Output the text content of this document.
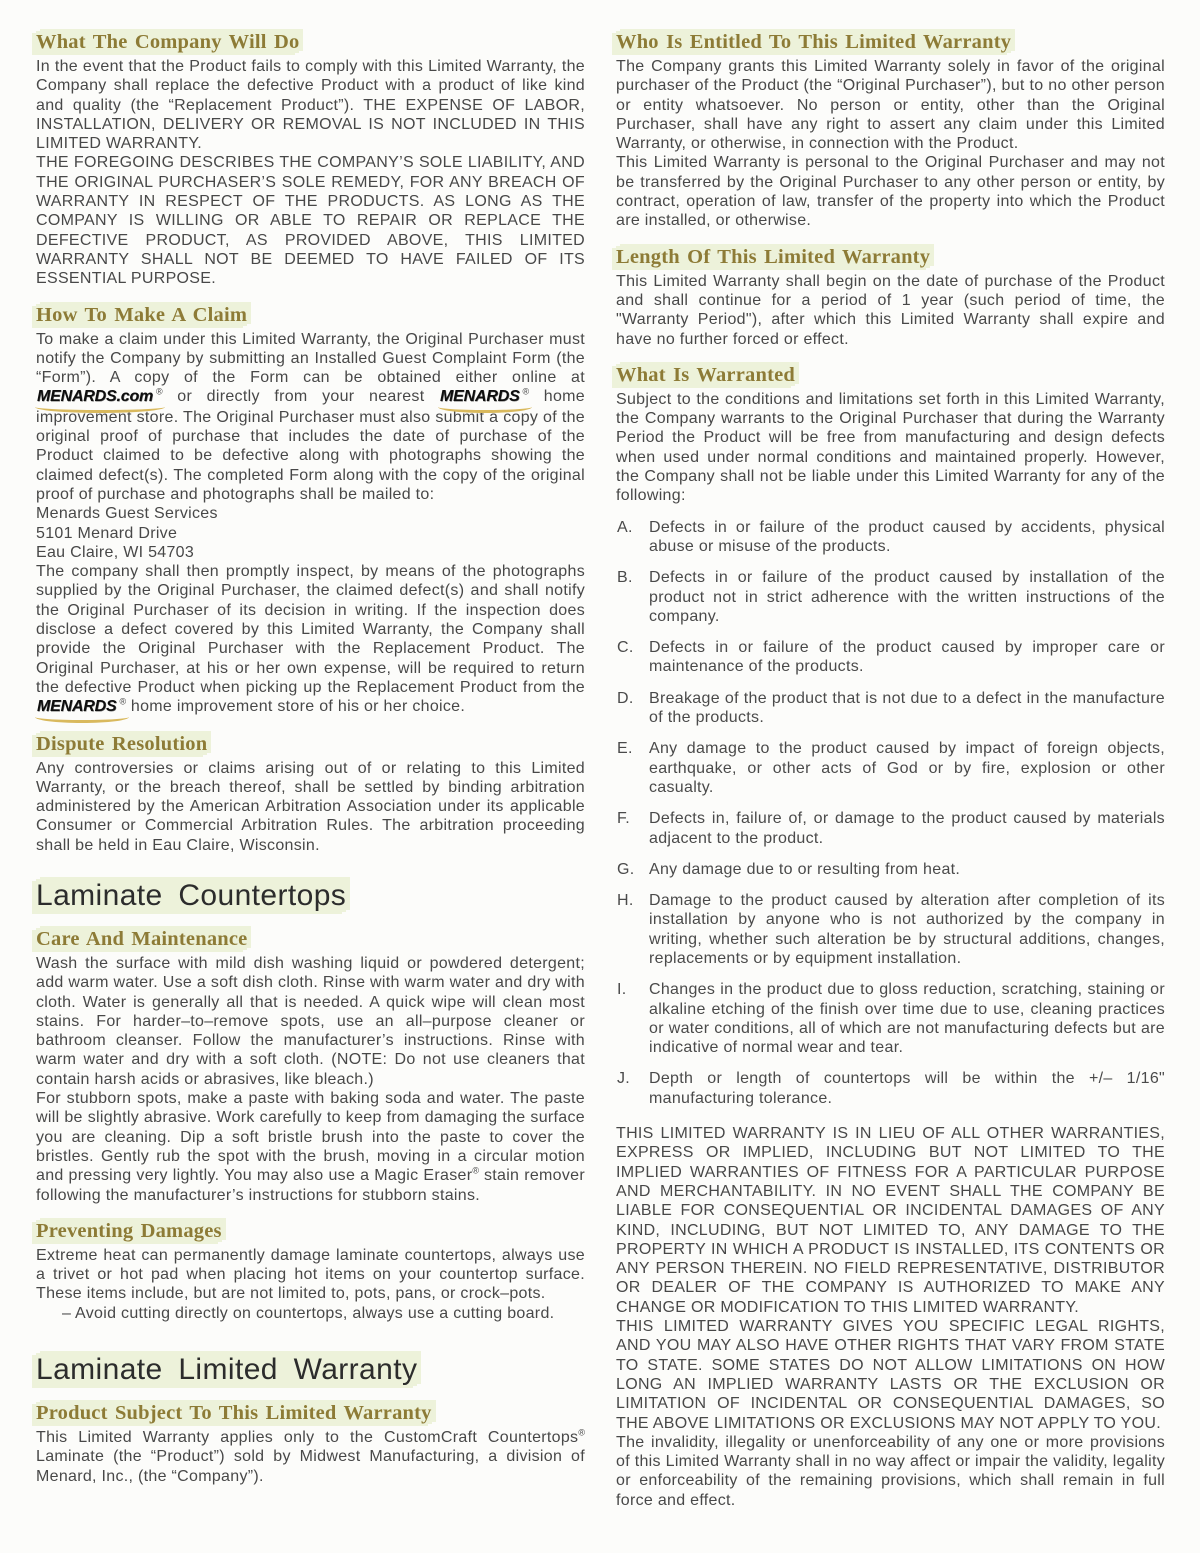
What The Company Will Do

In the event that the Product fails to comply with this Limited Warranty, the Company shall replace the defective Product with a product of like kind and quality (the “Replacement Product”). THE EXPENSE OF LABOR, INSTALLATION, DELIVERY OR REMOVAL IS NOT INCLUDED IN THIS LIMITED WARRANTY.

THE FOREGOING DESCRIBES THE COMPANY’S SOLE LIABILITY, AND THE ORIGINAL PURCHASER’S SOLE REMEDY, FOR ANY BREACH OF WARRANTY IN RESPECT OF THE PRODUCTS. AS LONG AS THE COMPANY IS WILLING OR ABLE TO REPAIR OR REPLACE THE DEFECTIVE PRODUCT, AS PROVIDED ABOVE, THIS LIMITED WARRANTY SHALL NOT BE DEEMED TO HAVE FAILED OF ITS ESSENTIAL PURPOSE.

How To Make A Claim

To make a claim under this Limited Warranty, the Original Purchaser must notify the Company by submitting an Installed Guest Complaint Form (the “Form”). A copy of the Form can be obtained either online at MENARDS.com ® or directly from your nearest MENARDS ® home improvement store. The Original Purchaser must also submit a copy of the original proof of purchase that includes the date of purchase of the Product claimed to be defective along with photographs showing the claimed defect(s). The completed Form along with the copy of the original proof of purchase and photographs shall be mailed to:

Menards Guest Services

5101 Menard Drive

Eau Claire, WI 54703

The company shall then promptly inspect, by means of the photographs supplied by the Original Purchaser, the claimed defect(s) and shall notify the Original Purchaser of its decision in writing. If the inspection does disclose a defect covered by this Limited Warranty, the Company shall provide the Original Purchaser with the Replacement Product. The Original Purchaser, at his or her own expense, will be required to return the defective Product when picking up the Replacement Product from the MENARDS ® home improvement store of his or her choice.

Dispute Resolution

Any controversies or claims arising out of or relating to this Limited Warranty, or the breach thereof, shall be settled by binding arbitration administered by the American Arbitration Association under its applicable Consumer or Commercial Arbitration Rules. The arbitration proceeding shall be held in Eau Claire, Wisconsin.

Laminate Countertops
Care And Maintenance

Wash the surface with mild dish washing liquid or powdered detergent; add warm water. Use a soft dish cloth. Rinse with warm water and dry with cloth. Water is generally all that is needed. A quick wipe will clean most stains. For harder–to–remove spots, use an all–purpose cleaner or bathroom cleanser. Follow the manufacturer’s instructions. Rinse with warm water and dry with a soft cloth. (NOTE: Do not use cleaners that contain harsh acids or abrasives, like bleach.)

For stubborn spots, make a paste with baking soda and water. The paste will be slightly abrasive. Work carefully to keep from damaging the surface you are cleaning. Dip a soft bristle brush into the paste to cover the bristles. Gently rub the spot with the brush, moving in a circular motion and pressing very lightly. You may also use a Magic Eraser® stain remover following the manufacturer’s instructions for stubborn stains.

Preventing Damages

Extreme heat can permanently damage laminate countertops, always use a trivet or hot pad when placing hot items on your countertop surface. These items include, but are not limited to, pots, pans, or crock–pots.

– Avoid cutting directly on countertops, always use a cutting board.

Laminate Limited Warranty
Product Subject To This Limited Warranty

This Limited Warranty applies only to the CustomCraft Countertops® Laminate (the “Product”) sold by Midwest Manufacturing, a division of Menard, Inc., (the “Company”).

Who Is Entitled To This Limited Warranty

The Company grants this Limited Warranty solely in favor of the original purchaser of the Product (the “Original Purchaser”), but to no other person or entity whatsoever. No person or entity, other than the Original Purchaser, shall have any right to assert any claim under this Limited Warranty, or otherwise, in connection with the Product.

This Limited Warranty is personal to the Original Purchaser and may not be transferred by the Original Purchaser to any other person or entity, by contract, operation of law, transfer of the property into which the Product are installed, or otherwise.

Length Of This Limited Warranty

This Limited Warranty shall begin on the date of purchase of the Product and shall continue for a period of 1 year (such period of time, the "Warranty Period"), after which this Limited Warranty shall expire and have no further forced or effect.

What Is Warranted

Subject to the conditions and limitations set forth in this Limited Warranty, the Company warrants to the Original Purchaser that during the Warranty Period the Product will be free from manufacturing and design defects when used under normal conditions and maintained properly. However, the Company shall not be liable under this Limited Warranty for any of the following:

A. Defects in or failure of the product caused by accidents, physical abuse or misuse of the products.
B. Defects in or failure of the product caused by installation of the product not in strict adherence with the written instructions of the company.
C. Defects in or failure of the product caused by improper care or maintenance of the products.
D. Breakage of the product that is not due to a defect in the manufacture of the products.
E. Any damage to the product caused by impact of foreign objects, earthquake, or other acts of God or by fire, explosion or other casualty.
F. Defects in, failure of, or damage to the product caused by materials adjacent to the product.
G. Any damage due to or resulting from heat.
H. Damage to the product caused by alteration after completion of its installation by anyone who is not authorized by the company in writing, whether such alteration be by structural additions, changes, replacements or by equipment installation.
I. Changes in the product due to gloss reduction, scratching, staining or alkaline etching of the finish over time due to use, cleaning practices or water conditions, all of which are not manufacturing defects but are indicative of normal wear and tear.
J. Depth or length of countertops will be within the +/– 1/16" manufacturing tolerance.

THIS LIMITED WARRANTY IS IN LIEU OF ALL OTHER WARRANTIES, EXPRESS OR IMPLIED, INCLUDING BUT NOT LIMITED TO THE IMPLIED WARRANTIES OF FITNESS FOR A PARTICULAR PURPOSE AND MERCHANTABILITY. IN NO EVENT SHALL THE COMPANY BE LIABLE FOR CONSEQUENTIAL OR INCIDENTAL DAMAGES OF ANY KIND, INCLUDING, BUT NOT LIMITED TO, ANY DAMAGE TO THE PROPERTY IN WHICH A PRODUCT IS INSTALLED, ITS CONTENTS OR ANY PERSON THEREIN. NO FIELD REPRESENTATIVE, DISTRIBUTOR OR DEALER OF THE COMPANY IS AUTHORIZED TO MAKE ANY CHANGE OR MODIFICATION TO THIS LIMITED WARRANTY.

THIS LIMITED WARRANTY GIVES YOU SPECIFIC LEGAL RIGHTS, AND YOU MAY ALSO HAVE OTHER RIGHTS THAT VARY FROM STATE TO STATE. SOME STATES DO NOT ALLOW LIMITATIONS ON HOW LONG AN IMPLIED WARRANTY LASTS OR THE EXCLUSION OR LIMITATION OF INCIDENTAL OR CONSEQUENTIAL DAMAGES, SO THE ABOVE LIMITATIONS OR EXCLUSIONS MAY NOT APPLY TO YOU.

The invalidity, illegality or unenforceability of any one or more provisions of this Limited Warranty shall in no way affect or impair the validity, legality or enforceability of the remaining provisions, which shall remain in full force and effect.
